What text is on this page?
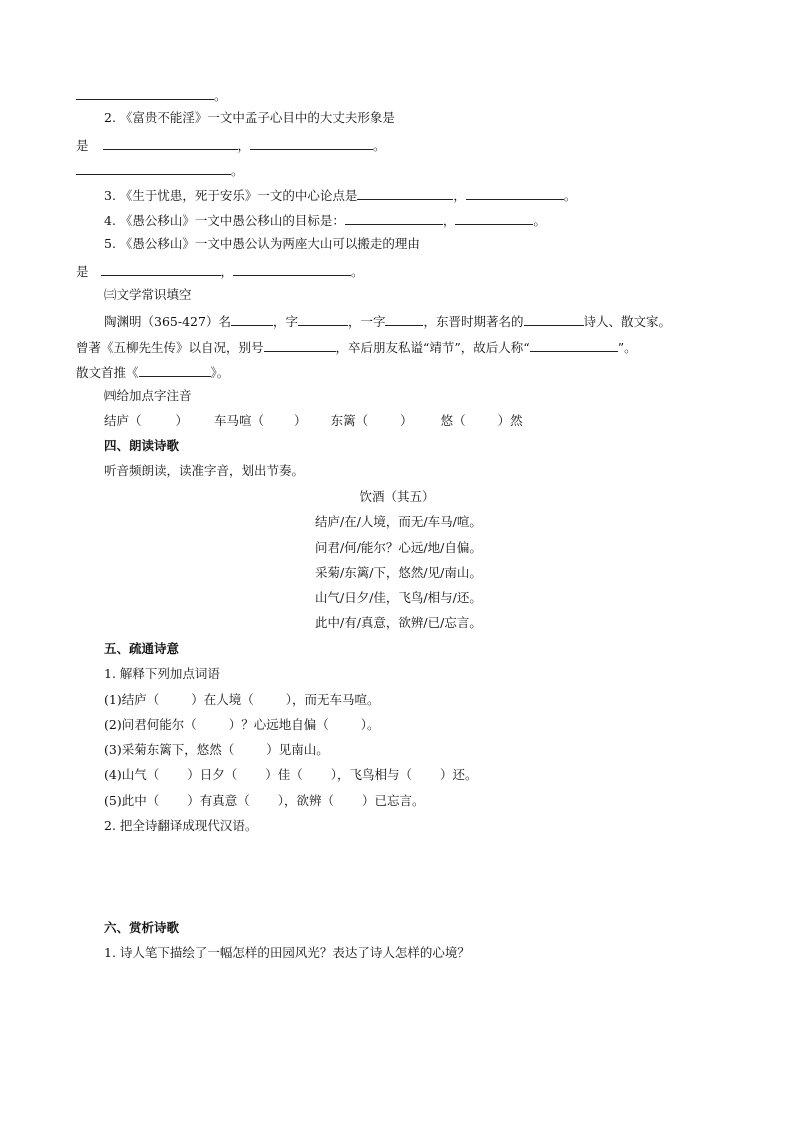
。
2. 《富贵不能淫》一文中孟子心目中的大丈夫形象是
是	，	。
。
3. 《生于忧患，死于安乐》一文的中心论点是	，	。
4. 《愚公移山》一文中愚公移山的目标是：	，	。
5. 《愚公移山》一文中愚公认为两座大山可以搬走的理由
是	，	。
㈢文学常识填空
陶渊明（365-427）名	，字	，一字	，东晋时期著名的	诗人、散文家。
曾著《五柳先生传》以自况，别号	，卒后朋友私谥“靖节”，故后人称“	”。
散文首推《	》。
㈣给加点字注音
结庐（	） 车马喧（ ） 东篱（	） 悠（	）然
四、朗读诗歌
听音频朗读，读准字音，划出节奏。
饮酒（其五）
结庐/在/人境，而无/车马/喧。
问君/何/能尔？心远/地/自偏。
采菊/东篱/下，悠然/见/南山。
山气/日夕/佳，飞鸟/相与/还。
此中/有/真意，欲辨/已/忘言。
五、疏通诗意
1. 解释下列加点词语
(1)结庐（	）在人境（	），而无车马喧。
(2)问君何能尔（	）？心远地自偏（	）。
(3)采菊东篱下，悠然（	）见南山。
(4)山气（ ）日夕（ ）佳（ ），飞鸟相与（ ）还。
(5)此中（ ）有真意（ ），欲辨（ ）已忘言。
2. 把全诗翻译成现代汉语。
六、赏析诗歌
1. 诗人笔下描绘了一幅怎样的田园风光？表达了诗人怎样的心境？
